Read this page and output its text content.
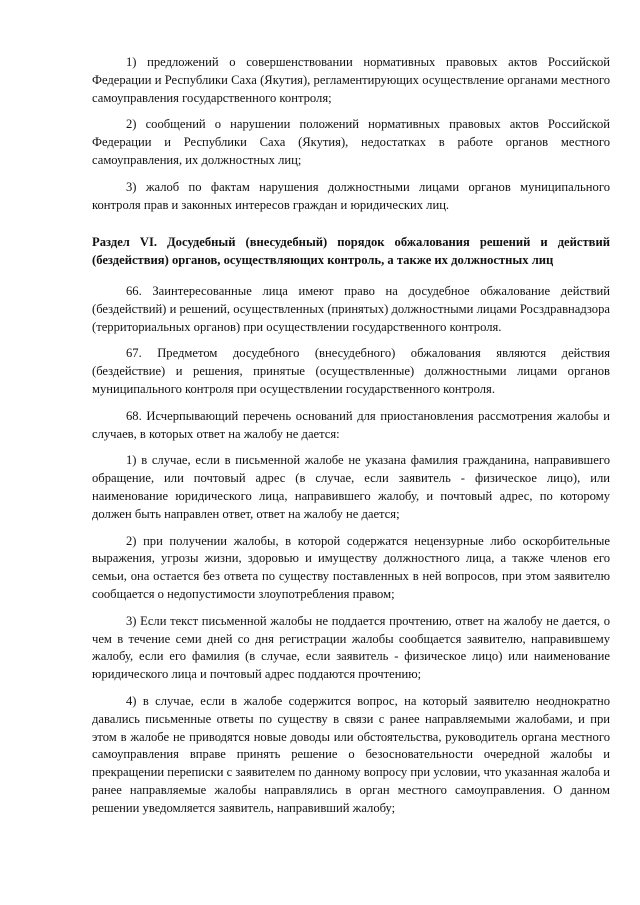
1) предложений о совершенствовании нормативных правовых актов Российской Федерации и Республики Саха (Якутия), регламентирующих осуществление органами местного самоуправления государственного контроля;

2) сообщений о нарушении положений нормативных правовых актов Российской Федерации и Республики Саха (Якутия), недостатках в работе органов местного самоуправления, их должностных лиц;

3) жалоб по фактам нарушения должностными лицами органов муниципального контроля прав и законных интересов граждан и юридических лиц.

Раздел VI. Досудебный (внесудебный) порядок обжалования решений и действий (бездействия) органов, осуществляющих контроль, а также их должностных лиц

66. Заинтересованные лица имеют право на досудебное обжалование действий (бездействий) и решений, осуществленных (принятых) должностными лицами Росздравнадзора (территориальных органов) при осуществлении государственного контроля.

67. Предметом досудебного (внесудебного) обжалования являются действия (бездействие) и решения, принятые (осуществленные) должностными лицами органов муниципального контроля при осуществлении государственного контроля.

68. Исчерпывающий перечень оснований для приостановления рассмотрения жалобы и случаев, в которых ответ на жалобу не дается:

1) в случае, если в письменной жалобе не указана фамилия гражданина, направившего обращение, или почтовый адрес (в случае, если заявитель - физическое лицо), или наименование юридического лица, направившего жалобу, и почтовый адрес, по которому должен быть направлен ответ, ответ на жалобу не дается;

2) при получении жалобы, в которой содержатся нецензурные либо оскорбительные выражения, угрозы жизни, здоровью и имуществу должностного лица, а также членов его семьи, она остается без ответа по существу поставленных в ней вопросов, при этом заявителю сообщается о недопустимости злоупотребления правом;

3) Если текст письменной жалобы не поддается прочтению, ответ на жалобу не дается, о чем в течение семи дней со дня регистрации жалобы сообщается заявителю, направившему жалобу, если его фамилия (в случае, если заявитель - физическое лицо) или наименование юридического лица и почтовый адрес поддаются прочтению;

4) в случае, если в жалобе содержится вопрос, на который заявителю неоднократно давались письменные ответы по существу в связи с ранее направляемыми жалобами, и при этом в жалобе не приводятся новые доводы или обстоятельства, руководитель органа местного самоуправления вправе принять решение о безосновательности очередной жалобы и прекращении переписки с заявителем по данному вопросу при условии, что указанная жалоба и ранее направляемые жалобы направлялись в орган местного самоуправления. О данном решении уведомляется заявитель, направивший жалобу;
